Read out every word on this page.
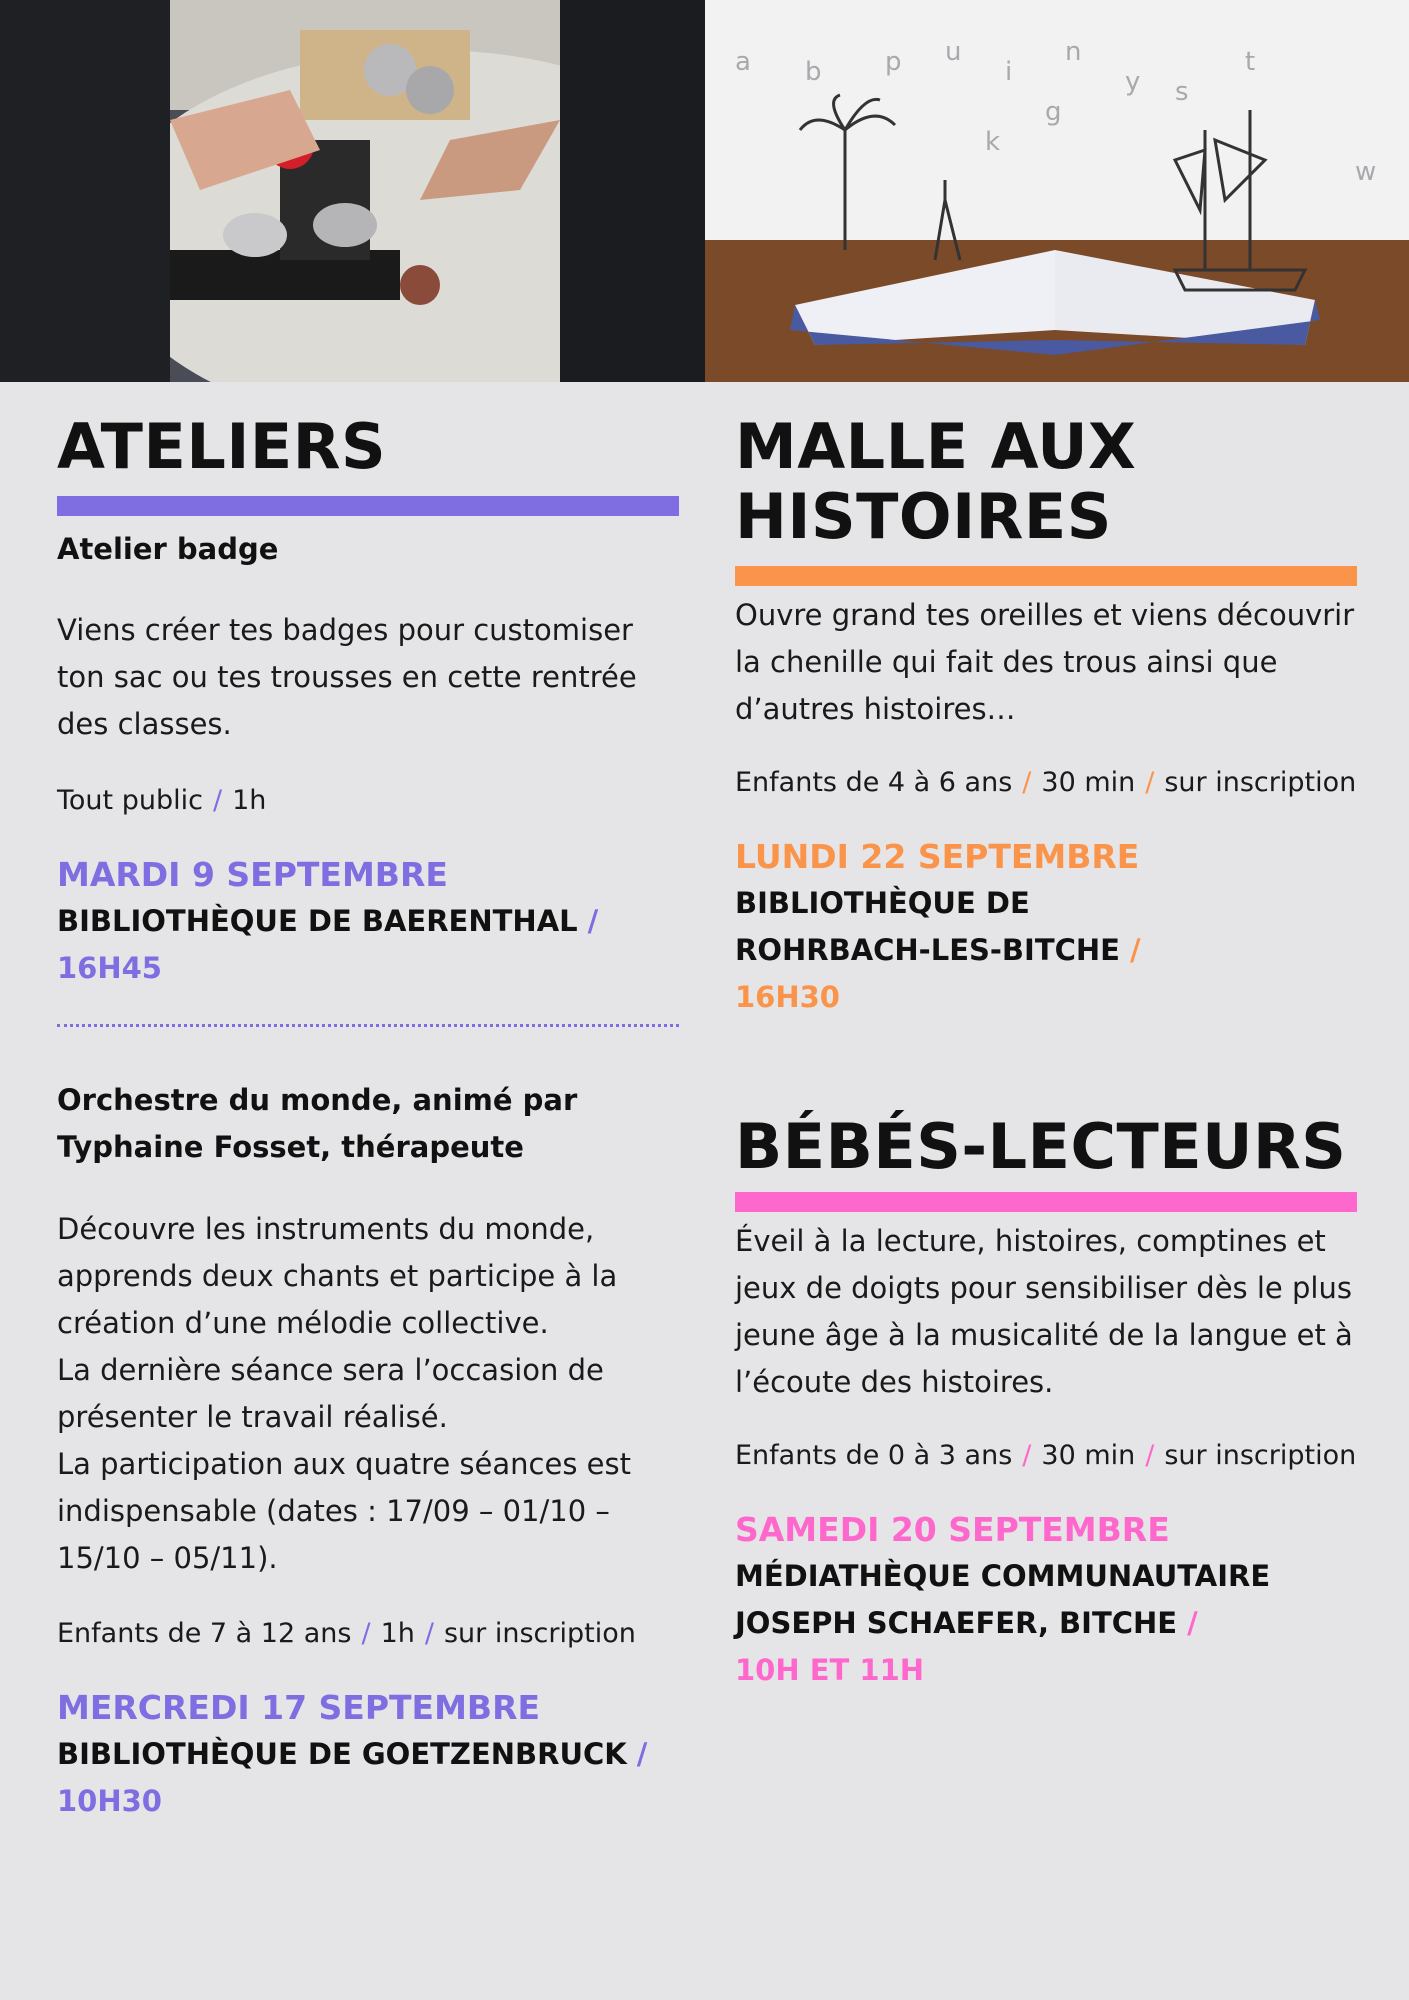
b p u
i
n
y s
t
w
a
g
k
ATELIERS

Atelier badge

Viens créer tes badges pour customiser ton sac ou tes trousses en cette rentrée des classes.

Tout public / 1h

MARDI 9 SEPTEMBRE

BIBLIOTHÈQUE DE BAERENTHAL /

16H45

Orchestre du monde, animé par

Typhaine Fosset, thérapeute

Découvre les instruments du monde, apprends deux chants et participe à la création d’une mélodie collective.

La dernière séance sera l’occasion de présenter le travail réalisé.

La participation aux quatre séances est indispensable (dates : 17/09 – 01/10 – 15/10 – 05/11).

Enfants de 7 à 12 ans / 1h / sur inscription

MERCREDI 17 SEPTEMBRE

BIBLIOTHÈQUE DE GOETZENBRUCK /

10H30

MALLE AUX
HISTOIRES

Ouvre grand tes oreilles et viens découvrir la chenille qui fait des trous ainsi que d’autres histoires…

Enfants de 4 à 6 ans / 30 min / sur inscription

LUNDI 22 SEPTEMBRE

BIBLIOTHÈQUE DE

ROHRBACH-LES-BITCHE /

16H30

BÉBÉS-LECTEURS

Éveil à la lecture, histoires, comptines et jeux de doigts pour sensibiliser dès le plus jeune âge à la musicalité de la langue et à l’écoute des histoires.

Enfants de 0 à 3 ans / 30 min / sur inscription

SAMEDI 20 SEPTEMBRE

MÉDIATHÈQUE COMMUNAUTAIRE

JOSEPH SCHAEFER, BITCHE /

10H ET 11H
